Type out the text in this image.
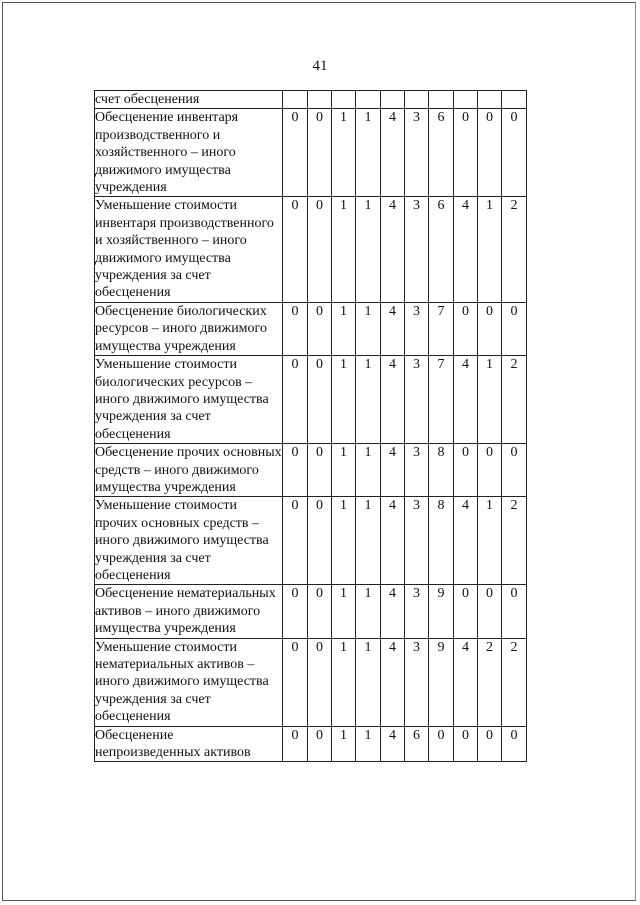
41
счет обесценения										

Обесценение инвентаря производственного и хозяйственного – иного движимого имущества учреждения	0	0	1	1	4	3	6	0	0	0

Уменьшение стоимости инвентаря производственного и хозяйственного – иного движимого имущества учреждения за счет обесценения	0	0	1	1	4	3	6	4	1	2

Обесценение биологических ресурсов – иного движимого имущества учреждения	0	0	1	1	4	3	7	0	0	0

Уменьшение стоимости биологических ресурсов – иного движимого имущества учреждения за счет обесценения	0	0	1	1	4	3	7	4	1	2

Обесценение прочих основных средств – иного движимого имущества учреждения	0	0	1	1	4	3	8	0	0	0

Уменьшение стоимости прочих основных средств – иного движимого имущества учреждения за счет обесценения	0	0	1	1	4	3	8	4	1	2

Обесценение нематериальных активов – иного движимого имущества учреждения	0	0	1	1	4	3	9	0	0	0

Уменьшение стоимости нематериальных активов – иного движимого имущества учреждения за счет обесценения	0	0	1	1	4	3	9	4	2	2

Обесценение непроизведенных активов	0	0	1	1	4	6	0	0	0	0
